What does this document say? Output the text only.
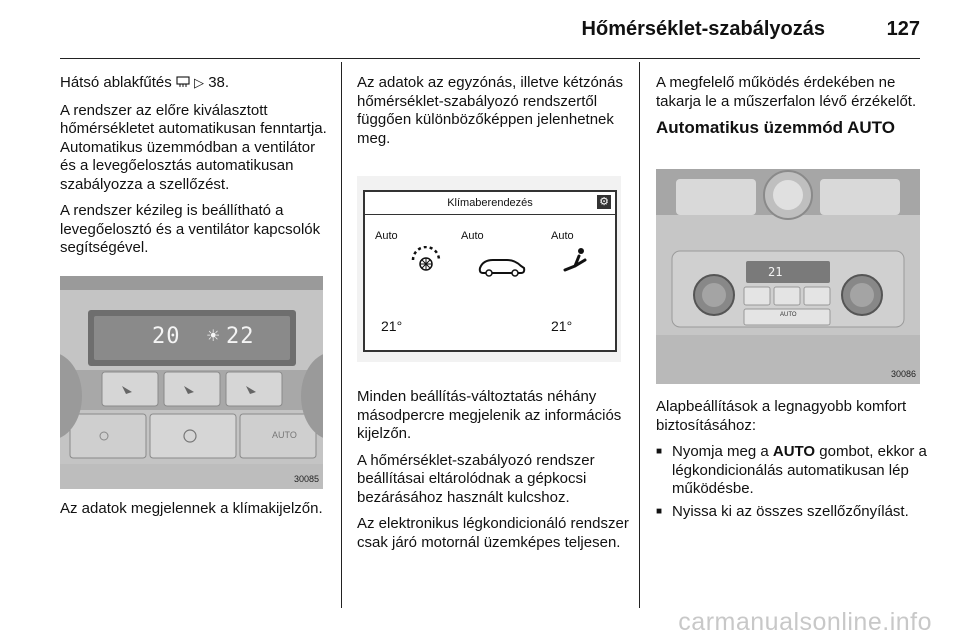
Hőmérséklet-szabályozás	127

Hátsó ablakfűtés ▷ 38.

A rendszer az előre kiválasztott hőmérsékletet automatikusan fenntartja. Automatikus üzemmódban a ventilátor és a levegőelosztás automatikusan szabályozza a szellőzést.

A rendszer kézileg is beállítható a levegőelosztó és a ventilátor kapcsolók segítségével.

20 ☀ 22
AUTO
30085

Az adatok megjelennek a klímakijelzőn.

Az adatok az egyzónás, illetve kétzónás hőmérséklet-szabályozó rendszertől függően különbözőképpen jelenhetnek meg.

Klímaberendezés	⚙
Auto	Auto	Auto
21°	21°

Minden beállítás-változtatás néhány másodpercre megjelenik az információs kijelzőn.

A hőmérséklet-szabályozó rendszer beállításai eltárolódnak a gépkocsi bezárásához használt kulcshoz.

Az elektronikus légkondicionáló rendszer csak járó motornál üzemképes teljesen.

A megfelelő működés érdekében ne takarja le a műszerfalon lévő érzékelőt.

Automatikus üzemmód AUTO
21
AUTO
30086

Alapbeállítások a legnagyobb komfort biztosításához:

■ Nyomja meg a AUTO gombot, ekkor a légkondicionálás automatikusan lép működésbe.
■ Nyissa ki az összes szellőzőnyílást.
carmanualsonline.info
